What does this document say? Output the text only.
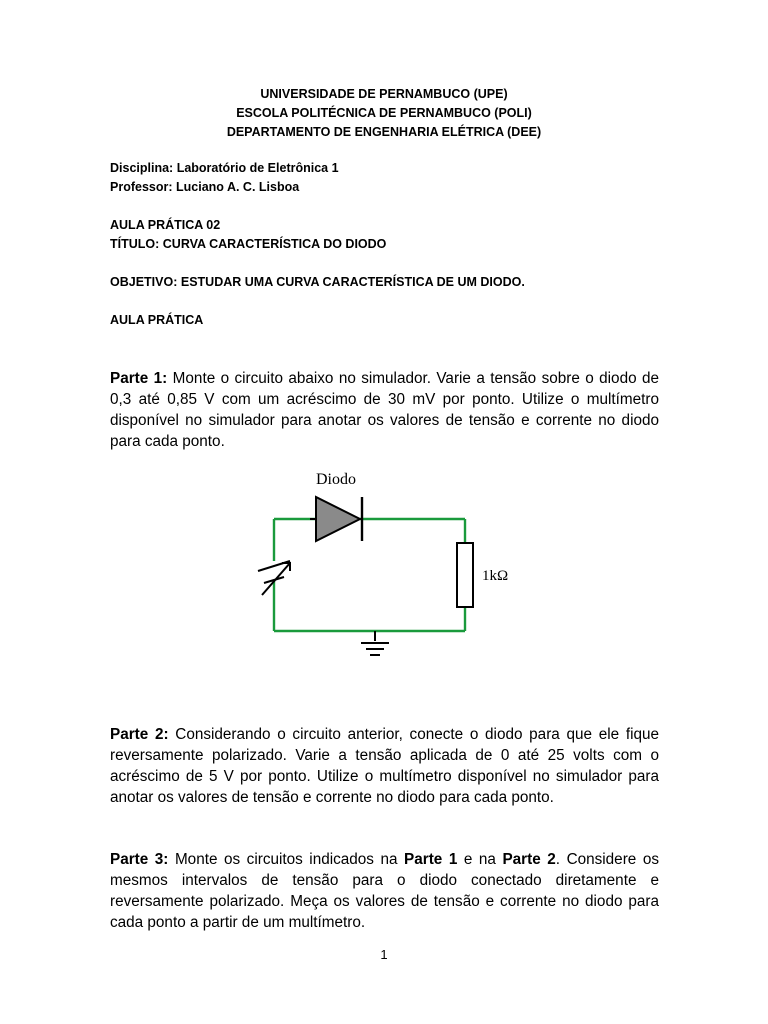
UNIVERSIDADE DE PERNAMBUCO (UPE)
ESCOLA POLITÉCNICA DE PERNAMBUCO (POLI)
DEPARTAMENTO DE ENGENHARIA ELÉTRICA (DEE)
Disciplina: Laboratório de Eletrônica 1
Professor: Luciano A. C. Lisboa
AULA PRÁTICA 02
TÍTULO: CURVA CARACTERÍSTICA DO DIODO
OBJETIVO: ESTUDAR UMA CURVA CARACTERÍSTICA DE UM DIODO.
AULA PRÁTICA

Parte 1: Monte o circuito abaixo no simulador. Varie a tensão sobre o diodo de 0,3 até 0,85 V com um acréscimo de 30 mV por ponto. Utilize o multímetro disponível no simulador para anotar os valores de tensão e corrente no diodo para cada ponto.

Diodo
1kΩ

Parte 2: Considerando o circuito anterior, conecte o diodo para que ele fique reversamente polarizado. Varie a tensão aplicada de 0 até 25 volts com o acréscimo de 5 V por ponto. Utilize o multímetro disponível no simulador para anotar os valores de tensão e corrente no diodo para cada ponto.

Parte 3: Monte os circuitos indicados na Parte 1 e na Parte 2. Considere os mesmos intervalos de tensão para o diodo conectado diretamente e reversamente polarizado. Meça os valores de tensão e corrente no diodo para cada ponto a partir de um multímetro.

1
